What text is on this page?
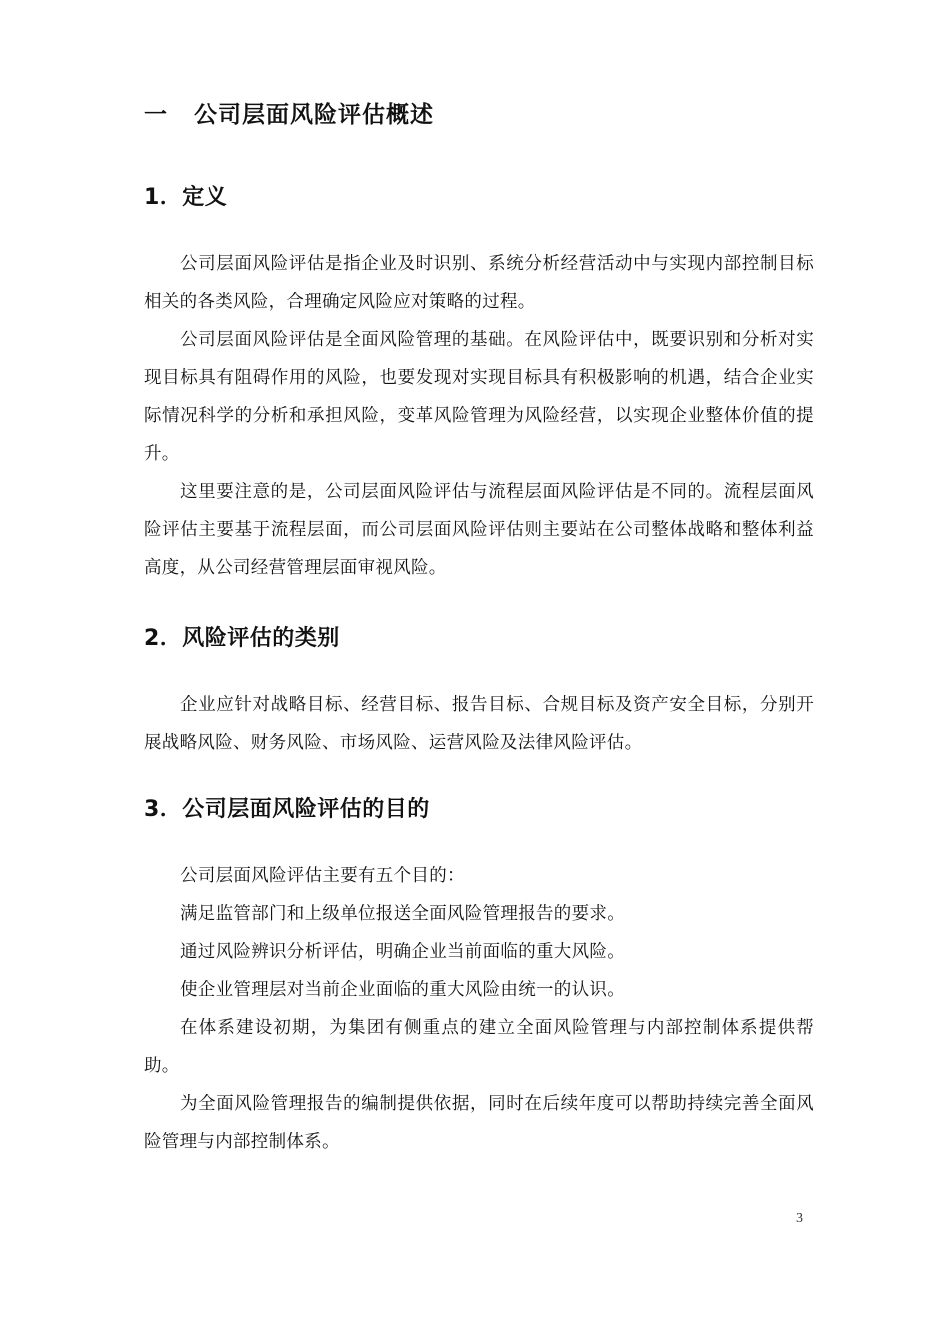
一 公司层面风险评估概述
1．定义
公司层面风险评估是指企业及时识别、系统分析经营活动中与实现内部控制目标相关的各类风险，合理确定风险应对策略的过程。
公司层面风险评估是全面风险管理的基础。在风险评估中，既要识别和分析对实现目标具有阻碍作用的风险，也要发现对实现目标具有积极影响的机遇，结合企业实际情况科学的分析和承担风险，变革风险管理为风险经营，以实现企业整体价值的提升。
这里要注意的是，公司层面风险评估与流程层面风险评估是不同的。流程层面风险评估主要基于流程层面，而公司层面风险评估则主要站在公司整体战略和整体利益高度，从公司经营管理层面审视风险。
2．风险评估的类别
企业应针对战略目标、经营目标、报告目标、合规目标及资产安全目标，分别开展战略风险、财务风险、市场风险、运营风险及法律风险评估。
3．公司层面风险评估的目的
公司层面风险评估主要有五个目的：
满足监管部门和上级单位报送全面风险管理报告的要求。
通过风险辨识分析评估，明确企业当前面临的重大风险。
使企业管理层对当前企业面临的重大风险由统一的认识。
在体系建设初期，为集团有侧重点的建立全面风险管理与内部控制体系提供帮助。
为全面风险管理报告的编制提供依据，同时在后续年度可以帮助持续完善全面风险管理与内部控制体系。
3
